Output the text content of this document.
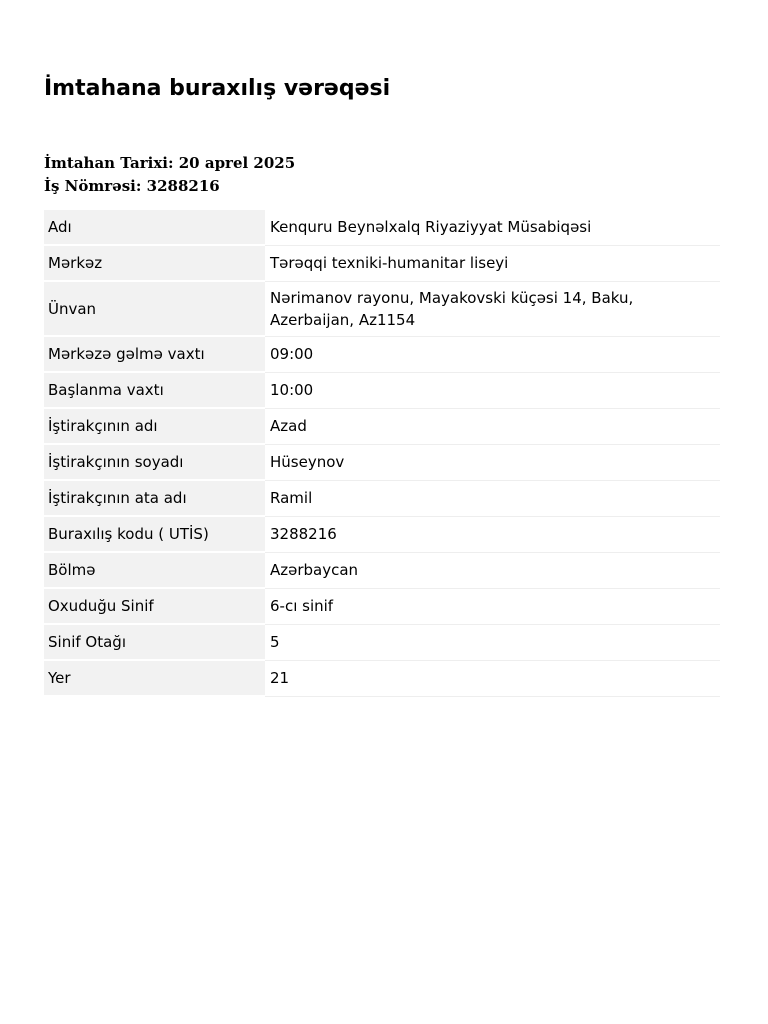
İmtahana buraxılış vərəqəsi
İmtahan Tarixi: 20 aprel 2025
İş Nömrəsi: 3288216
Adı	Kenquru Beynəlxalq Riyaziyyat Müsabiqəsi
Mərkəz	Tərəqqi texniki-humanitar liseyi
Ünvan	Nərimanov rayonu, Mayakovski küçəsi 14, Baku, Azerbaijan, Az1154
Mərkəzə gəlmə vaxtı	09:00
Başlanma vaxtı	10:00
İştirakçının adı	Azad
İştirakçının soyadı	Hüseynov
İştirakçının ata adı	Ramil
Buraxılış kodu ( UTİS)	3288216
Bölmə	Azərbaycan
Oxuduğu Sinif	6-cı sinif
Sinif Otağı	5
Yer	21
